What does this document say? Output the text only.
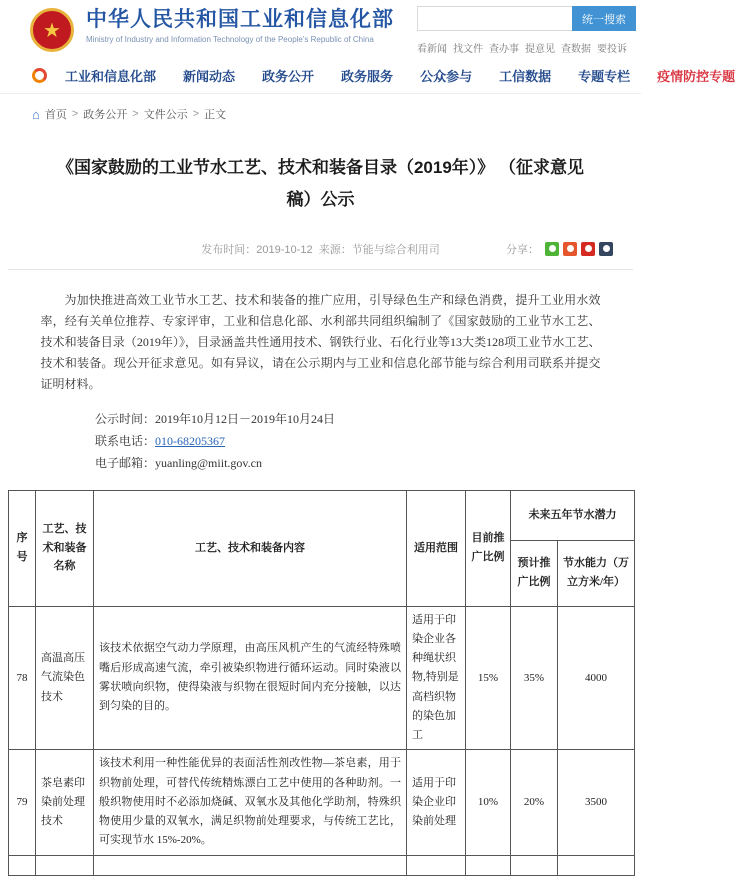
★ 中华人民共和国工业和信息化部
Ministry of Industry and Information Technology of the People's Republic of China
统一搜索
看新闻 找文件 查办事 提意见 查数据 要投诉
工业和信息化部 新闻动态 政务公开 政务服务 公众参与 工信数据 专题专栏 疫情防控专题
⌂ 首页 > 政务公开 > 文件公示 > 正文
《国家鼓励的工业节水工艺、技术和装备目录（2019年）》 （征求意见稿）公示
发布时间：2019-10-12 来源：节能与综合利用司	分享：

为加快推进高效工业节水工艺、技术和装备的推广应用，引导绿色生产和绿色消费，提升工业用水效率，经有关单位推荐、专家评审，工业和信息化部、水利部共同组织编制了《国家鼓励的工业节水工艺、技术和装备目录（2019年）》，目录涵盖共性通用技术、钢铁行业、石化行业等13大类128项工业节水工艺、技术和装备。现公开征求意见。如有异议，请在公示期内与工业和信息化部节能与综合利用司联系并提交证明材料。

公示时间：2019年10月12日－2019年10月24日
联系电话：010-68205367
电子邮箱：yuanling@miit.gov.cn
序号	工艺、技术和装备名称	工艺、技术和装备内容	适用范围	目前推广比例	未来五年节水潜力	
					预计推广比例	节水能力（万立方米/年）
78	高温高压气流染色技术	该技术依据空气动力学原理，由高压风机产生的气流经特殊喷嘴后形成高速气流，牵引被染织物进行循环运动。同时染液以雾状喷向织物，使得染液与织物在很短时间内充分接触，以达到匀染的目的。	适用于印染企业各种绳状织物,特别是高档织物的染色加工	15%	35%	4000
79	茶皂素印染前处理技术	该技术利用一种性能优异的表面活性剂改性物—茶皂素，用于织物前处理，可替代传统精炼漂白工艺中使用的各种助剂。一般织物使用时不必添加烧碱、双氧水及其他化学助剂，特殊织物使用少量的双氧水，满足织物前处理要求，与传统工艺比，可实现节水 15%-20%。	适用于印染企业印染前处理	10%	20%	3500
